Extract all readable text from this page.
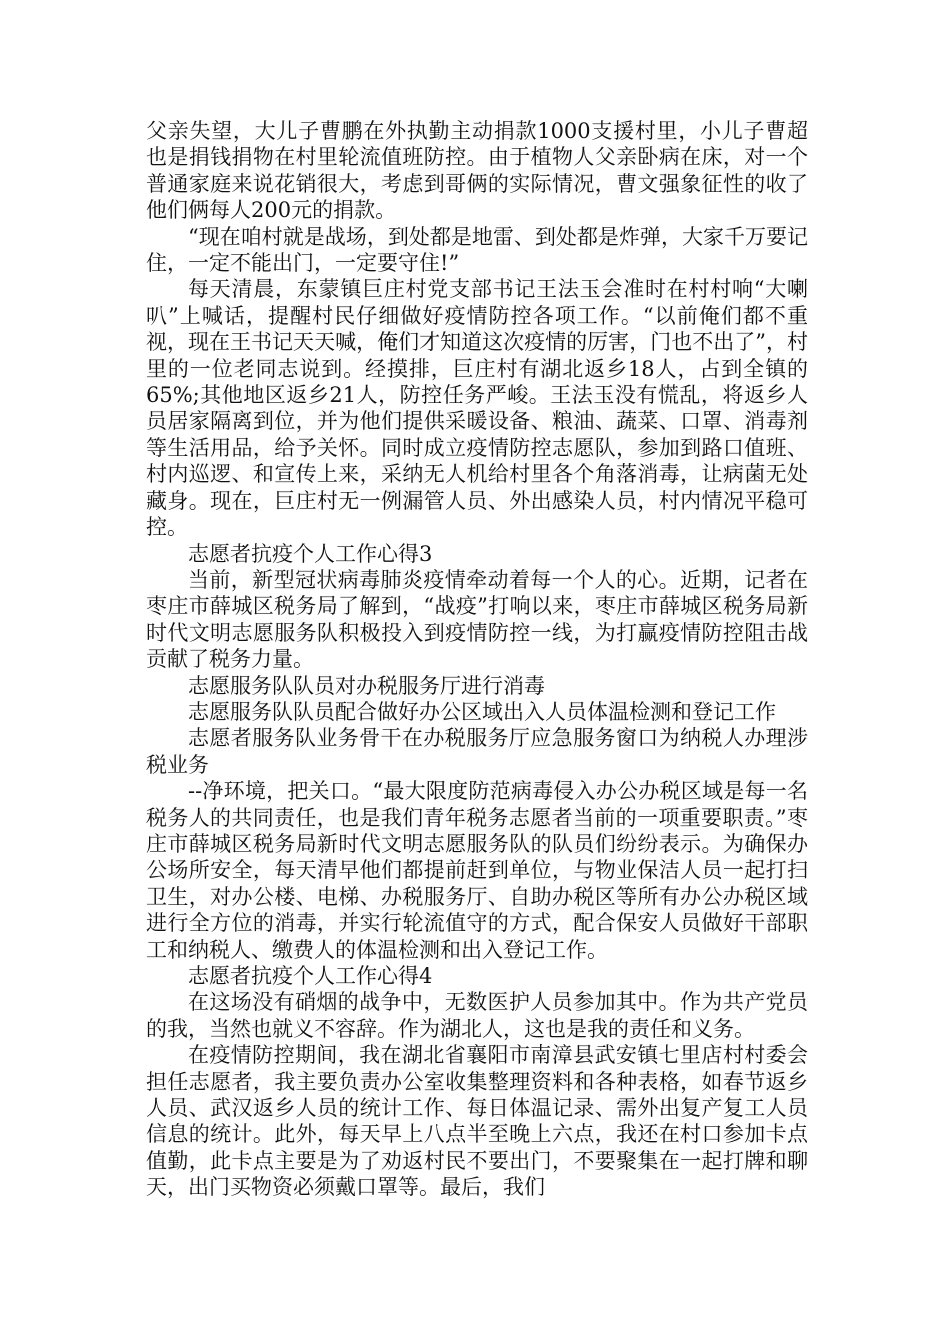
父亲失望，大儿子曹鹏在外执勤主动捐款1000支援村里，小儿子曹超也是捐钱捐物在村里轮流值班防控。由于植物人父亲卧病在床，对一个普通家庭来说花销很大，考虑到哥俩的实际情况，曹文强象征性的收了他们俩每人200元的捐款。

“现在咱村就是战场，到处都是地雷、到处都是炸弹，大家千万要记住，一定不能出门，一定要守住!”

每天清晨，东蒙镇巨庄村党支部书记王法玉会准时在村村响“大喇叭”上喊话，提醒村民仔细做好疫情防控各项工作。“以前俺们都不重视，现在王书记天天喊，俺们才知道这次疫情的厉害，门也不出了”，村里的一位老同志说到。经摸排，巨庄村有湖北返乡18人，占到全镇的65%;其他地区返乡21人，防控任务严峻。王法玉没有慌乱，将返乡人员居家隔离到位，并为他们提供采暖设备、粮油、蔬菜、口罩、消毒剂等生活用品，给予关怀。同时成立疫情防控志愿队，参加到路口值班、村内巡逻、和宣传上来，采纳无人机给村里各个角落消毒，让病菌无处藏身。现在，巨庄村无一例漏管人员、外出感染人员，村内情况平稳可控。

志愿者抗疫个人工作心得3

当前，新型冠状病毒肺炎疫情牵动着每一个人的心。近期，记者在枣庄市薛城区税务局了解到，“战疫”打响以来，枣庄市薛城区税务局新时代文明志愿服务队积极投入到疫情防控一线，为打赢疫情防控阻击战贡献了税务力量。

志愿服务队队员对办税服务厅进行消毒

志愿服务队队员配合做好办公区域出入人员体温检测和登记工作

志愿者服务队业务骨干在办税服务厅应急服务窗口为纳税人办理涉税业务

--净环境，把关口。“最大限度防范病毒侵入办公办税区域是每一名税务人的共同责任，也是我们青年税务志愿者当前的一项重要职责。”枣庄市薛城区税务局新时代文明志愿服务队的队员们纷纷表示。为确保办公场所安全，每天清早他们都提前赶到单位，与物业保洁人员一起打扫卫生，对办公楼、电梯、办税服务厅、自助办税区等所有办公办税区域进行全方位的消毒，并实行轮流值守的方式，配合保安人员做好干部职工和纳税人、缴费人的体温检测和出入登记工作。

志愿者抗疫个人工作心得4

在这场没有硝烟的战争中，无数医护人员参加其中。作为共产党员的我，当然也就义不容辞。作为湖北人，这也是我的责任和义务。

在疫情防控期间，我在湖北省襄阳市南漳县武安镇七里店村村委会担任志愿者，我主要负责办公室收集整理资料和各种表格，如春节返乡人员、武汉返乡人员的统计工作、每日体温记录、需外出复产复工人员信息的统计。此外，每天早上八点半至晚上六点，我还在村口参加卡点值勤，此卡点主要是为了劝返村民不要出门，不要聚集在一起打牌和聊天，出门买物资必须戴口罩等。最后，我们
